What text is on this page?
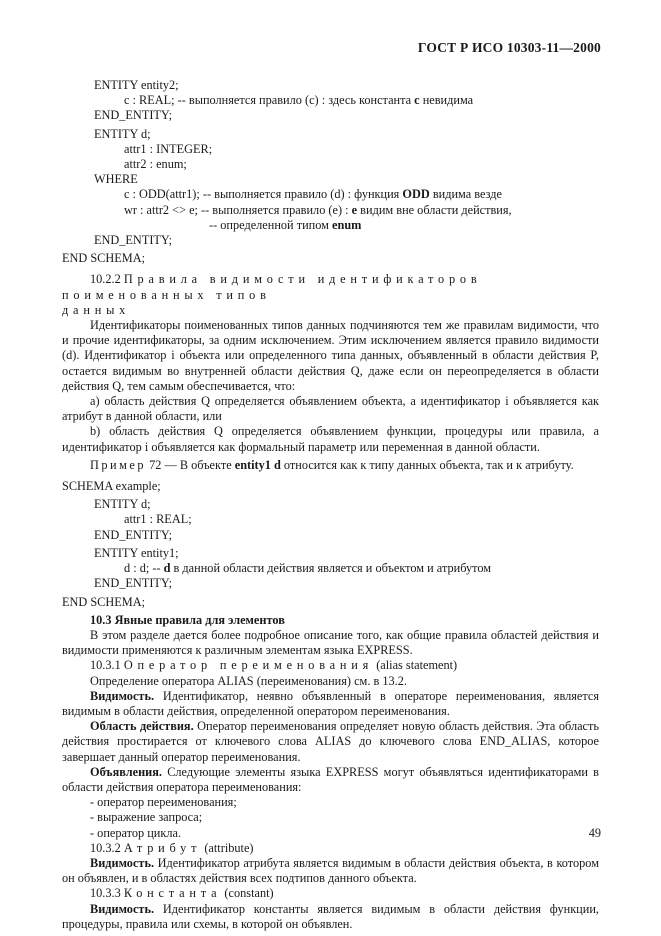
ГОСТ Р ИСО 10303-11—2000
ENTITY entity2;
c : REAL; -- выполняется правило (с) : здесь константа с невидима
END_ENTITY;
ENTITY d;
attr1 : INTEGER;
attr2 : enum;
WHERE
c : ODD(attr1); -- выполняется правило (d) : функция ODD видима везде
wr : attr2 <> e; -- выполняется правило (е) : е видим вне области действия,
-- определенной типом enum
END_ENTITY;
END SCHEMA;
10.2.2 Правила видимости идентификаторов поименованных типов
данных

Идентификаторы поименованных типов данных подчиняются тем же правилам видимости, что и прочие идентификаторы, за одним исключением. Этим исключением является правило видимости (d). Идентификатор i объекта или определенного типа данных, объявленный в области действия P, остается видимым во внутренней области действия Q, даже если он переопределяется в области действия Q, тем самым обеспечивается, что:

а) область действия Q определяется объявлением объекта, а идентификатор i объявляется как атрибут в данной области, или

b) область действия Q определяется объявлением функции, процедуры или правила, а идентификатор i объявляется как формальный параметр или переменная в данной области.

Пример 72 — В объекте entity1 d относится как к типу данных объекта, так и к атрибуту.

SCHEMA example;
ENTITY d;
attr1 : REAL;
END_ENTITY;
ENTITY entity1;
d : d; -- d в данной области действия является и объектом и атрибутом
END_ENTITY;
END SCHEMA;
10.3 Явные правила для элементов

В этом разделе дается более подробное описание того, как общие правила областей действия и видимости применяются к различным элементам языка EXPRESS.

10.3.1 Оператор переименования (alias statement)

Определение оператора ALIAS (переименования) см. в 13.2.

Видимость. Идентификатор, неявно объявленный в операторе переименования, является видимым в области действия, определенной оператором переименования.

Область действия. Оператор переименования определяет новую область действия. Эта область действия простирается от ключевого слова ALIAS до ключевого слова END_ALIAS, которое завершает данный оператор переименования.

Объявления. Следующие элементы языка EXPRESS могут объявляться идентификаторами в области действия оператора переименования:

- оператор переименования;
- выражение запроса;
- оператор цикла.
10.3.2 Атрибут (attribute)

Видимость. Идентификатор атрибута является видимым в области действия объекта, в котором он объявлен, и в областях действия всех подтипов данного объекта.

10.3.3 Константа (constant)

Видимость. Идентификатор константы является видимым в области действия функции, процедуры, правила или схемы, в которой он объявлен.

49
